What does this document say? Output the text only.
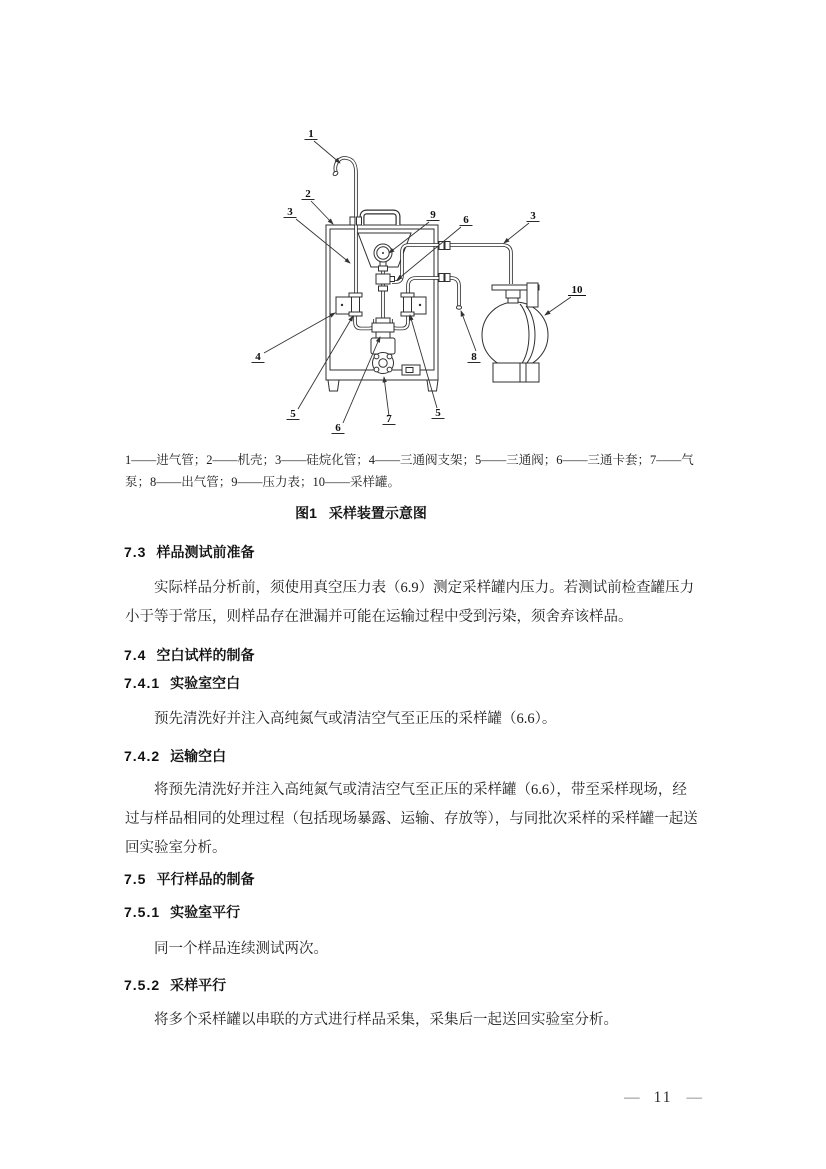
1
2
3	9	6	3
10
4
5
6
7	5
8
1——进气管；2——机壳；3——硅烷化管；4——三通阀支架；5——三通阀；6——三通卡套；7——气
泵；8——出气管；9——压力表；10——采样罐。
图1 采样装置示意图
7.3 样品测试前准备
实际样品分析前，须使用真空压力表（6.9）测定采样罐内压力。若测试前检查罐压力
小于等于常压，则样品存在泄漏并可能在运输过程中受到污染，须舍弃该样品。
7.4 空白试样的制备
7.4.1 实验室空白
预先清洗好并注入高纯氮气或清洁空气至正压的采样罐（6.6）。
7.4.2 运输空白
将预先清洗好并注入高纯氮气或清洁空气至正压的采样罐（6.6），带至采样现场，经
过与样品相同的处理过程（包括现场暴露、运输、存放等），与同批次采样的采样罐一起送
回实验室分析。
7.5 平行样品的制备
7.5.1 实验室平行
同一个样品连续测试两次。
7.5.2 采样平行
将多个采样罐以串联的方式进行样品采集，采集后一起送回实验室分析。
— 11 —
